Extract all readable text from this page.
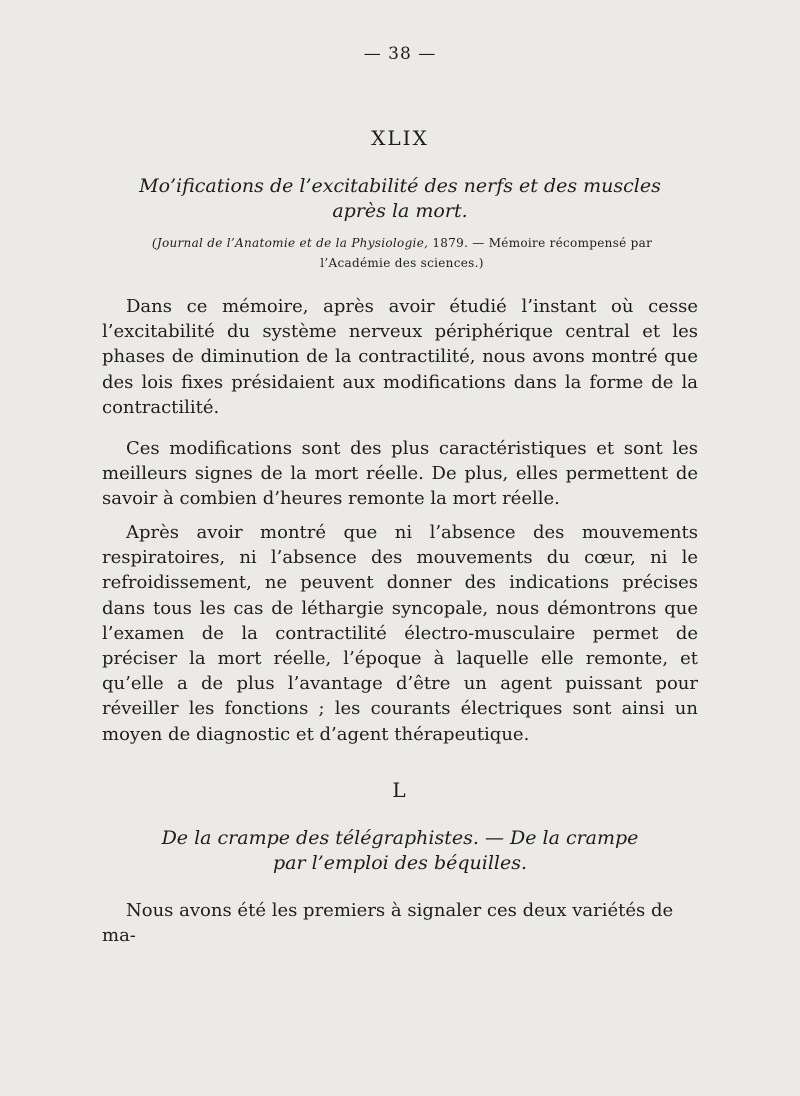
— 38 —
XLIX
Mo’ifications de l’excitabilité des nerfs et des muscles
après la mort.
(Journal de l’Anatomie et de la Physiologie, 1879. — Mémoire récompensé par l’Académie des sciences.)

Dans ce mémoire, après avoir étudié l’instant où cesse l’excitabilité du système nerveux périphérique central et les phases de diminution de la contractilité, nous avons montré que des lois fixes présidaient aux modifications dans la forme de la contractilité.

Ces modifications sont des plus caractéristiques et sont les meilleurs signes de la mort réelle. De plus, elles permettent de savoir à combien d’heures remonte la mort réelle.

Après avoir montré que ni l’absence des mouvements respiratoires, ni l’absence des mouvements du cœur, ni le refroidissement, ne peuvent donner des indications précises dans tous les cas de léthargie syncopale, nous démontrons que l’examen de la contractilité électro-musculaire permet de préciser la mort réelle, l’époque à laquelle elle remonte, et qu’elle a de plus l’avantage d’être un agent puissant pour réveiller les fonctions ; les courants électriques sont ainsi un moyen de diagnostic et d’agent thérapeutique.

L
De la crampe des télégraphistes. — De la crampe
par l’emploi des béquilles.

Nous avons été les premiers à signaler ces deux variétés de ma-
